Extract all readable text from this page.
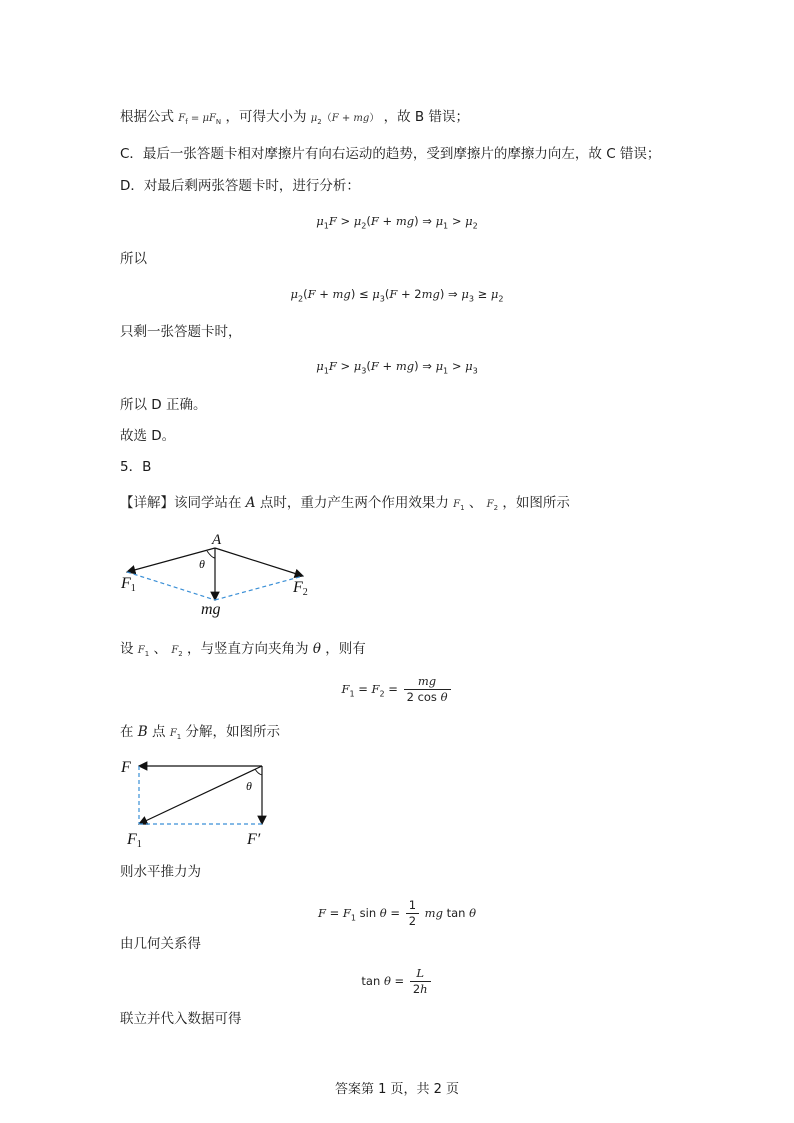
根据公式 $F_f = \mu F_N$ ，可得大小为 $\mu_2(F + mg)$ ，故 B 错误；
C．最后一张答题卡相对摩擦片有向右运动的趋势，受到摩擦片的摩擦力向左，故 C 错误；
D．对最后剩两张答题卡时，进行分析：
$\mu_1F > \mu_2(F + mg)$ ⇒ $\mu_1 > \mu_2$
所以
$\mu_2(F + mg) \le \mu_3(F + 2mg)$ ⇒ $\mu_3 \ge \mu_2$
只剩一张答题卡时，
$\mu_1F > \mu_3(F + mg)$ ⇒ $\mu_1 > \mu_3$
所以 D 正确。
故选 D。
5．B
【详解】该同学站在 A 点时，重力产生两个作用效果力 $F_1$ 、 $F_2$ ，如图所示
A
θ
F1	F2
mg
设 $F_1$ 、 $F_2$ ，与竖直方向夹角为 θ ，则有
$F_1 = F_2 = \frac{mg}{\text{2 cos θ}}$
在 B 点 $F_1$ 分解，如图所示
F
θ
F1	F′
则水平推力为
$F = F_1$ $\sin \theta = \frac{1}{2}$ mg tan θ
由几何关系得
$\tan \theta = \frac{L}{2h}$
联立并代入数据可得
答案第 1 页，共 2 页
